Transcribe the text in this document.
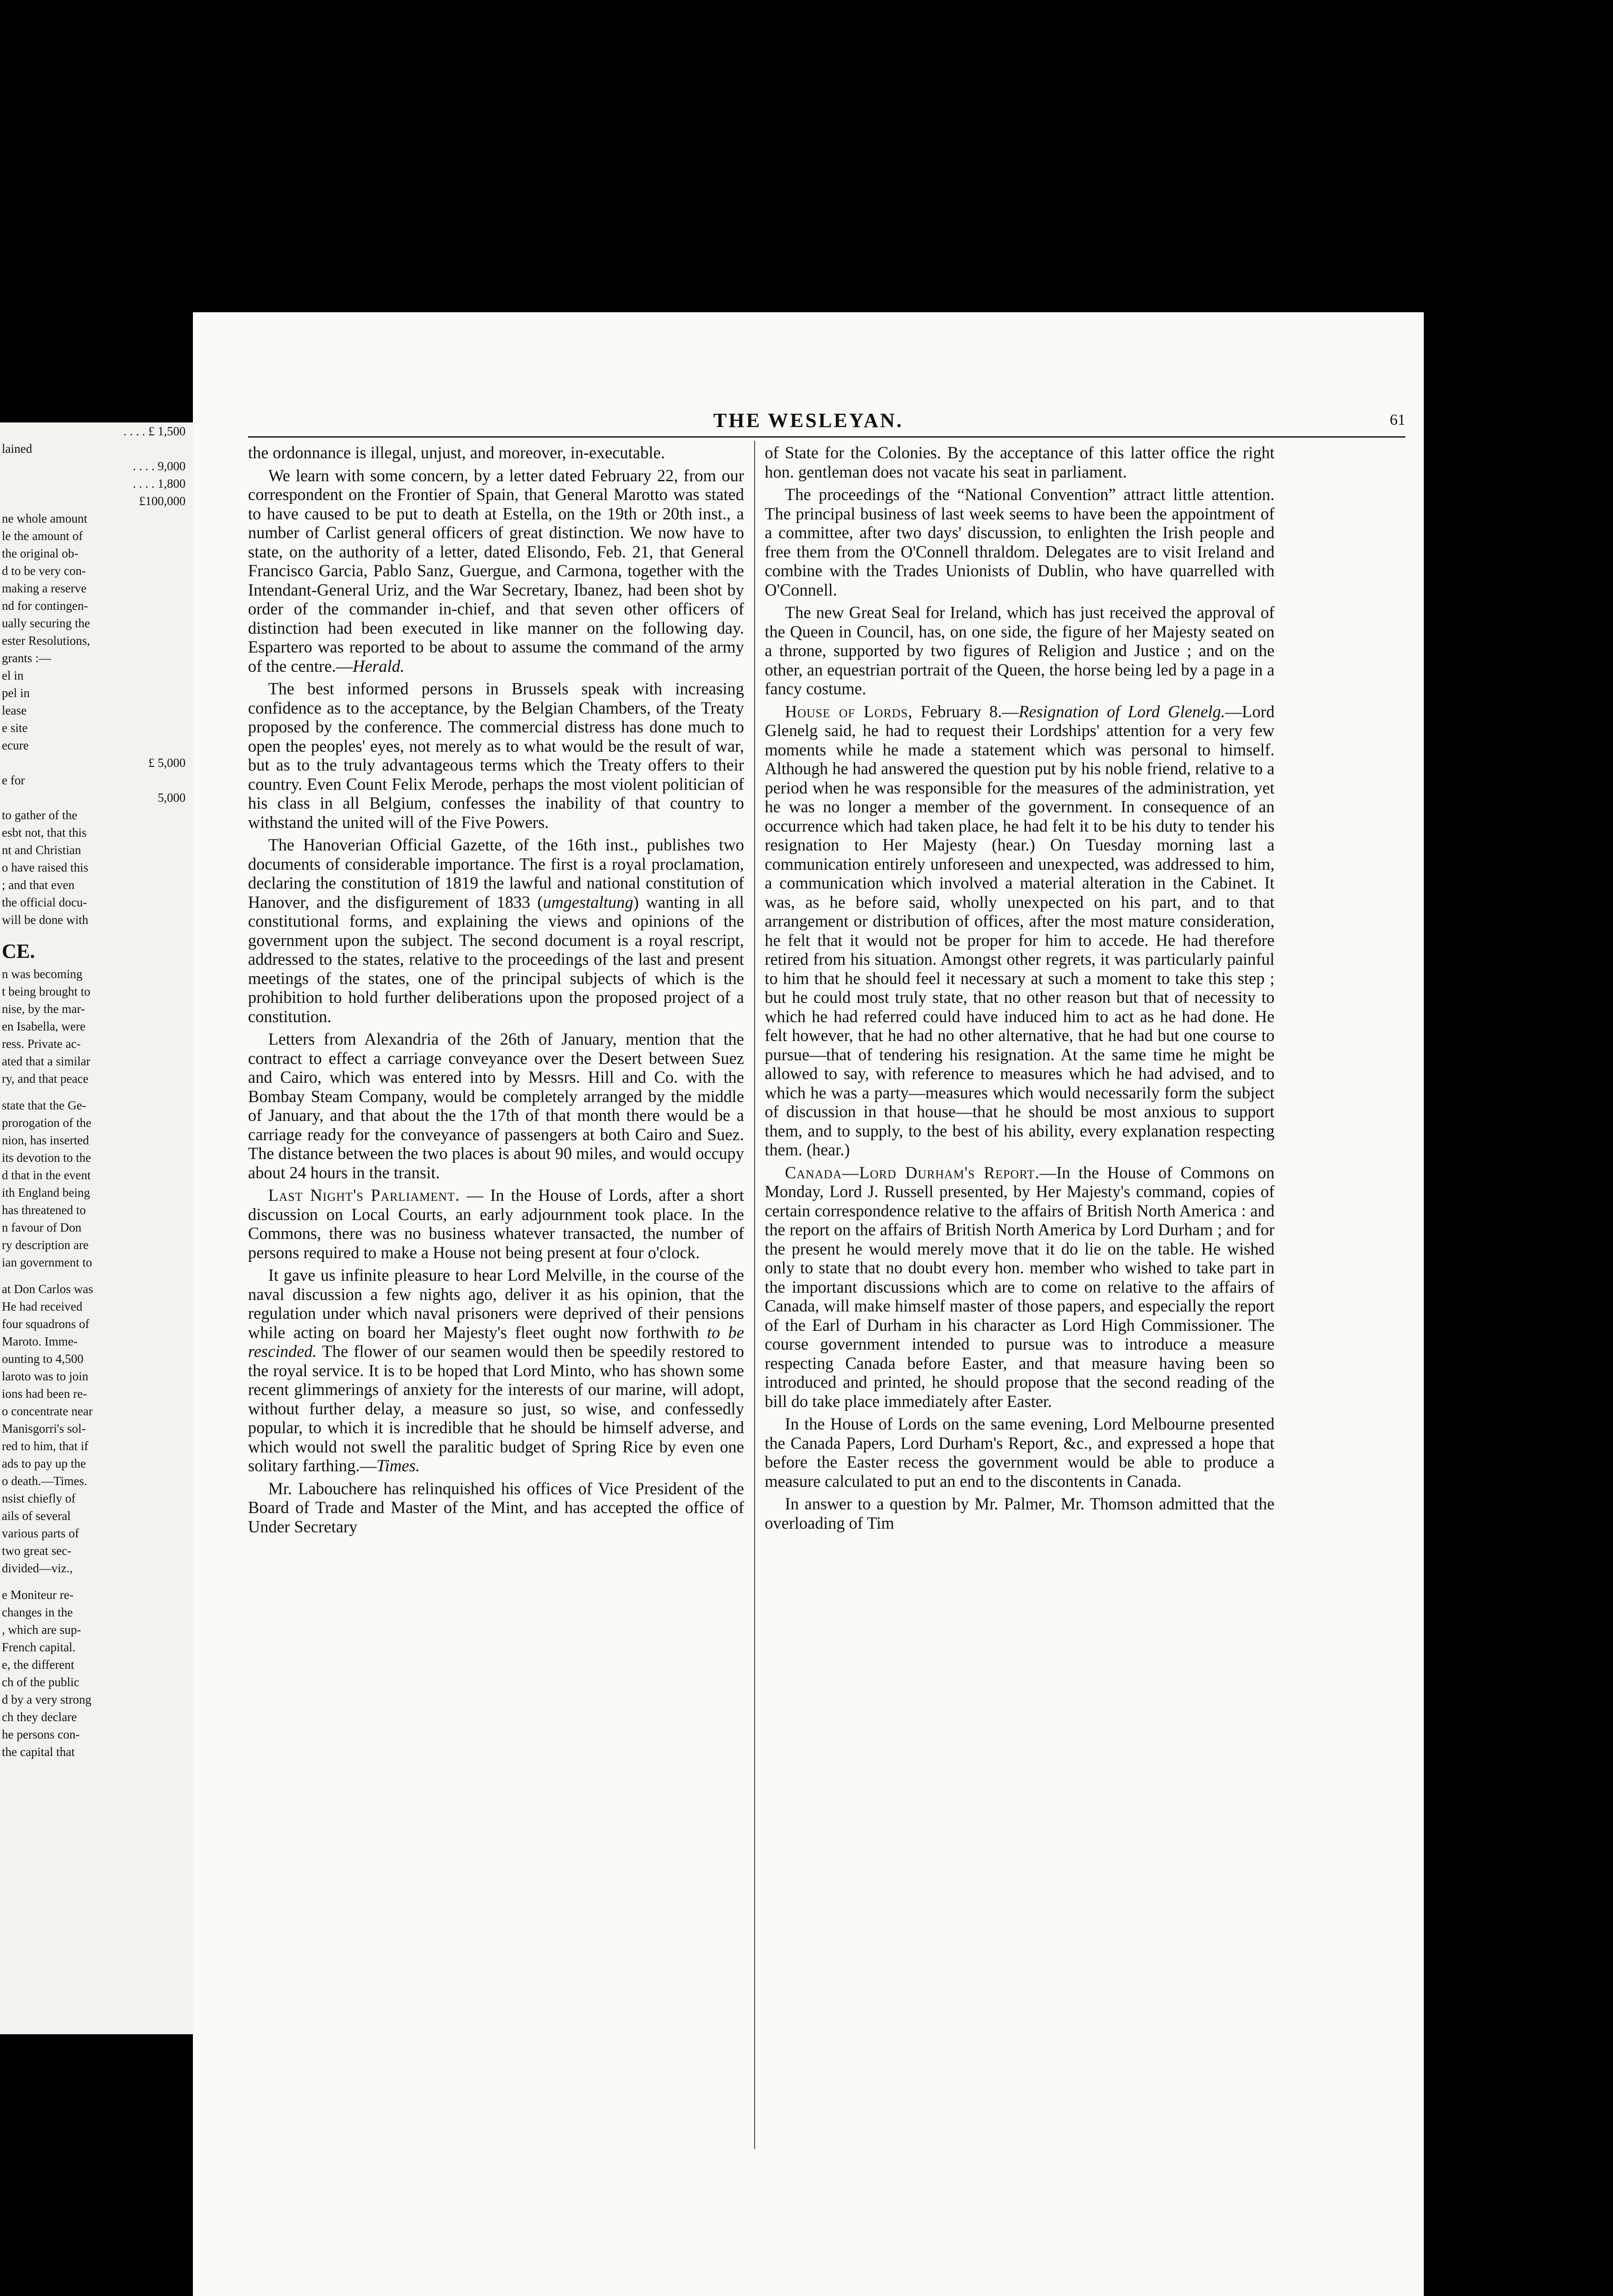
. . . . £ 1,500
lained
. . . . 9,000
. . . . 1,800
£100,000
ne whole amount
le the amount of
the original ob-
d to be very con-
making a reserve
nd for contingen-
ually securing the
ester Resolutions,
grants :—
el in
pel in
lease
e site
ecure
£ 5,000
e for
5,000
to gather of the
esbt not, that this
nt and Christian
o have raised this
; and that even
the official docu-
will be done with
CE.
n was becoming
t being brought to
nise, by the mar-
en Isabella, were
ress. Private ac-
ated that a similar
ry, and that peace
state that the Ge-
prorogation of the
nion, has inserted
its devotion to the
d that in the event
ith England being
has threatened to
n favour of Don
ry description are
ian government to
at Don Carlos was
He had received
four squadrons of
Maroto. Imme-
ounting to 4,500
laroto was to join
ions had been re-
o concentrate near
Manisgorri's sol-
red to him, that if
ads to pay up the
o death.—Times.
nsist chiefly of
ails of several
various parts of
two great sec-
divided—viz.,
e Moniteur re-
changes in the
, which are sup-
French capital.
e, the different
ch of the public
d by a very strong
ch they declare
he persons con-
the capital that
THE WESLEYAN.	61

the ordonnance is illegal, unjust, and moreover, in-executable.

We learn with some concern, by a letter dated February 22, from our correspondent on the Frontier of Spain, that General Marotto was stated to have caused to be put to death at Estella, on the 19th or 20th inst., a number of Carlist general officers of great distinction. We now have to state, on the authority of a letter, dated Elisondo, Feb. 21, that General Francisco Garcia, Pablo Sanz, Guergue, and Carmona, together with the Intendant-General Uriz, and the War Secretary, Ibanez, had been shot by order of the commander in-chief, and that seven other officers of distinction had been executed in like manner on the following day. Espartero was reported to be about to assume the command of the army of the centre.—Herald.

The best informed persons in Brussels speak with increasing confidence as to the acceptance, by the Belgian Chambers, of the Treaty proposed by the conference. The commercial distress has done much to open the peoples' eyes, not merely as to what would be the result of war, but as to the truly advantageous terms which the Treaty offers to their country. Even Count Felix Merode, perhaps the most violent politician of his class in all Belgium, confesses the inability of that country to withstand the united will of the Five Powers.

The Hanoverian Official Gazette, of the 16th inst., publishes two documents of considerable importance. The first is a royal proclamation, declaring the constitution of 1819 the lawful and national constitution of Hanover, and the disfigurement of 1833 (umgestaltung) wanting in all constitutional forms, and explaining the views and opinions of the government upon the subject. The second document is a royal rescript, addressed to the states, relative to the proceedings of the last and present meetings of the states, one of the principal subjects of which is the prohibition to hold further deliberations upon the proposed project of a constitution.

Letters from Alexandria of the 26th of January, mention that the contract to effect a carriage conveyance over the Desert between Suez and Cairo, which was entered into by Messrs. Hill and Co. with the Bombay Steam Company, would be completely arranged by the middle of January, and that about the the 17th of that month there would be a carriage ready for the conveyance of passengers at both Cairo and Suez. The distance between the two places is about 90 miles, and would occupy about 24 hours in the transit.

Last Night's Parliament. — In the House of Lords, after a short discussion on Local Courts, an early adjournment took place. In the Commons, there was no business whatever transacted, the number of persons required to make a House not being present at four o'clock.

It gave us infinite pleasure to hear Lord Melville, in the course of the naval discussion a few nights ago, deliver it as his opinion, that the regulation under which naval prisoners were deprived of their pensions while acting on board her Majesty's fleet ought now forthwith to be rescinded. The flower of our seamen would then be speedily restored to the royal service. It is to be hoped that Lord Minto, who has shown some recent glimmerings of anxiety for the interests of our marine, will adopt, without further delay, a measure so just, so wise, and confessedly popular, to which it is incredible that he should be himself adverse, and which would not swell the paralitic budget of Spring Rice by even one solitary farthing.—Times.

Mr. Labouchere has relinquished his offices of Vice President of the Board of Trade and Master of the Mint, and has accepted the office of Under Secretary

of State for the Colonies. By the acceptance of this latter office the right hon. gentleman does not vacate his seat in parliament.

The proceedings of the “National Convention” attract little attention. The principal business of last week seems to have been the appointment of a committee, after two days' discussion, to enlighten the Irish people and free them from the O'Connell thraldom. Delegates are to visit Ireland and combine with the Trades Unionists of Dublin, who have quarrelled with O'Connell.

The new Great Seal for Ireland, which has just received the approval of the Queen in Council, has, on one side, the figure of her Majesty seated on a throne, supported by two figures of Religion and Justice ; and on the other, an equestrian portrait of the Queen, the horse being led by a page in a fancy costume.

House of Lords, February 8.—Resignation of Lord Glenelg.—Lord Glenelg said, he had to request their Lordships' attention for a very few moments while he made a statement which was personal to himself. Although he had answered the question put by his noble friend, relative to a period when he was responsible for the measures of the administration, yet he was no longer a member of the government. In consequence of an occurrence which had taken place, he had felt it to be his duty to tender his resignation to Her Majesty (hear.) On Tuesday morning last a communication entirely unforeseen and unexpected, was addressed to him, a communication which involved a material alteration in the Cabinet. It was, as he before said, wholly unexpected on his part, and to that arrangement or distribution of offices, after the most mature consideration, he felt that it would not be proper for him to accede. He had therefore retired from his situation. Amongst other regrets, it was particularly painful to him that he should feel it necessary at such a moment to take this step ; but he could most truly state, that no other reason but that of necessity to which he had referred could have induced him to act as he had done. He felt however, that he had no other alternative, that he had but one course to pursue—that of tendering his resignation. At the same time he might be allowed to say, with reference to measures which he had advised, and to which he was a party—measures which would necessarily form the subject of discussion in that house—that he should be most anxious to support them, and to supply, to the best of his ability, every explanation respecting them. (hear.)

Canada—Lord Durham's Report.—In the House of Commons on Monday, Lord J. Russell presented, by Her Majesty's command, copies of certain correspondence relative to the affairs of British North America : and the report on the affairs of British North America by Lord Durham ; and for the present he would merely move that it do lie on the table. He wished only to state that no doubt every hon. member who wished to take part in the important discussions which are to come on relative to the affairs of Canada, will make himself master of those papers, and especially the report of the Earl of Durham in his character as Lord High Commissioner. The course government intended to pursue was to introduce a measure respecting Canada before Easter, and that measure having been so introduced and printed, he should propose that the second reading of the bill do take place immediately after Easter.

In the House of Lords on the same evening, Lord Melbourne presented the Canada Papers, Lord Durham's Report, &c., and expressed a hope that before the Easter recess the government would be able to produce a measure calculated to put an end to the discontents in Canada.

In answer to a question by Mr. Palmer, Mr. Thomson admitted that the overloading of Tim
